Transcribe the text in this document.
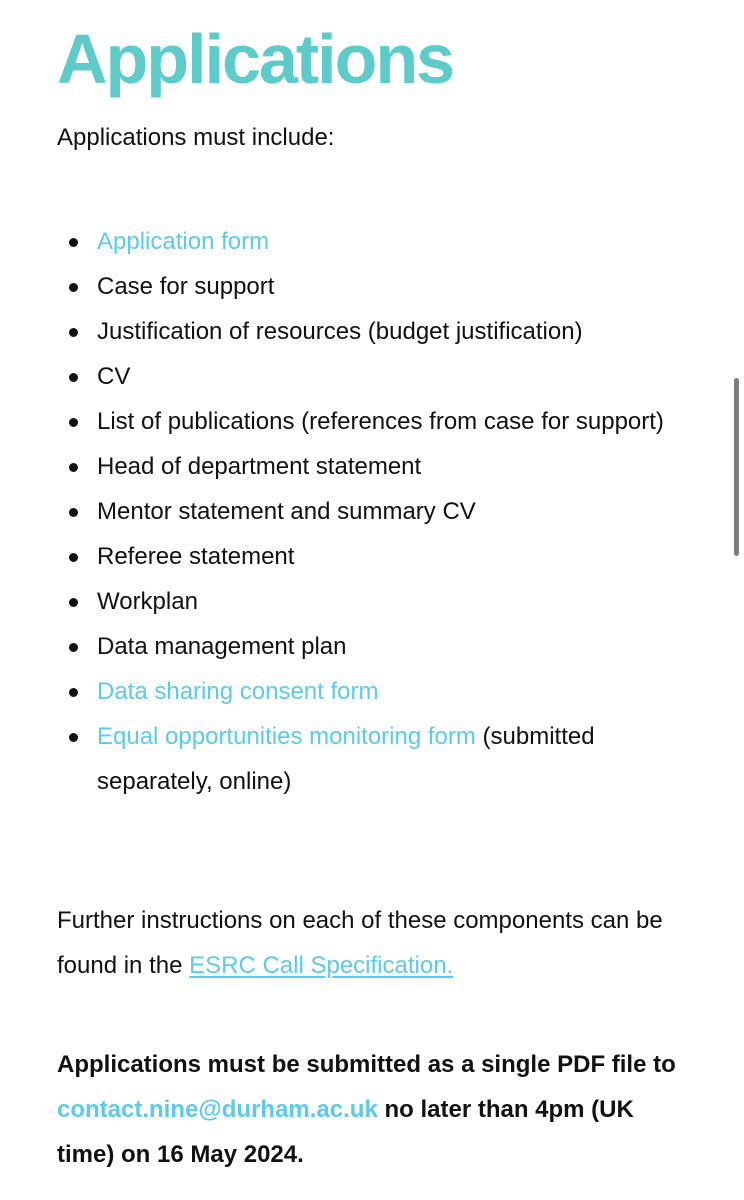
Applications

Applications must include:

Application form
Case for support
Justification of resources (budget justification)
CV
List of publications (references from case for support)
Head of department statement
Mentor statement and summary CV
Referee statement
Workplan
Data management plan
Data sharing consent form
Equal opportunities monitoring form (submitted separately, online)

Further instructions on each of these components can be found in the ESRC Call Specification.

Applications must be submitted as a single PDF file to contact.nine@durham.ac.uk no later than 4pm (UK time) on 16 May 2024.
